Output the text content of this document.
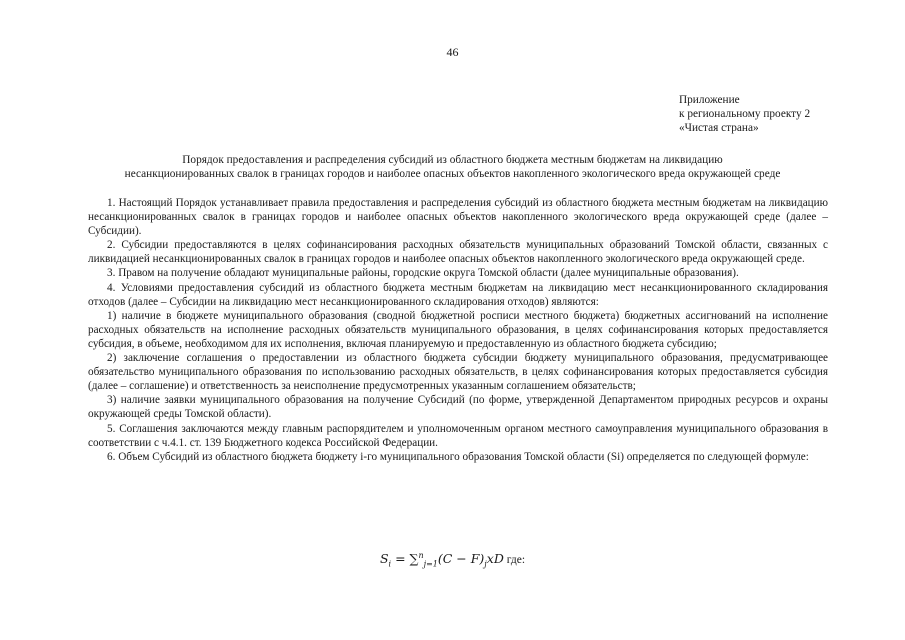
46
Приложение
к региональному проекту 2
«Чистая страна»
Порядок предоставления и распределения субсидий из областного бюджета местным бюджетам на ликвидацию
несанкционированных свалок в границах городов и наиболее опасных объектов накопленного экологического вреда окружающей среде

1. Настоящий Порядок устанавливает правила предоставления и распределения субсидий из областного бюджета местным бюджетам на ликвидацию несанкционированных свалок в границах городов и наиболее опасных объектов накопленного экологического вреда окружающей среде (далее – Субсидии).

2. Субсидии предоставляются в целях софинансирования расходных обязательств муниципальных образований Томской области, связанных с ликвидацией несанкционированных свалок в границах городов и наиболее опасных объектов накопленного экологического вреда окружающей среде.

3. Правом на получение обладают муниципальные районы, городские округа Томской области (далее муниципальные образования).

4. Условиями предоставления субсидий из областного бюджета местным бюджетам на ликвидацию мест несанкционированного складирования отходов (далее – Субсидии на ликвидацию мест несанкционированного складирования отходов) являются:

1) наличие в бюджете муниципального образования (сводной бюджетной росписи местного бюджета) бюджетных ассигнований на исполнение расходных обязательств на исполнение расходных обязательств муниципального образования, в целях софинансирования которых предоставляется субсидия, в объеме, необходимом для их исполнения, включая планируемую и предоставленную из областного бюджета субсидию;

2) заключение соглашения о предоставлении из областного бюджета субсидии бюджету муниципального образования, предусматривающее обязательство муниципального образования по использованию расходных обязательств, в целях софинансирования которых предоставляется субсидия (далее – соглашение) и ответственность за неисполнение предусмотренных указанным соглашением обязательств;

3) наличие заявки муниципального образования на получение Субсидий (по форме, утвержденной Департаментом природных ресурсов и охраны окружающей среды Томской области).

5. Соглашения заключаются между главным распорядителем и уполномоченным органом местного самоуправления муниципального образования в соответствии с ч.4.1. ст. 139 Бюджетного кодекса Российской Федерации.

6. Объем Субсидий из областного бюджета бюджету i-го муниципального образования Томской области (Si) определяется по следующей формуле:

$S_i = \sum^n_{j=1}(C - F)_jxD$ где:
